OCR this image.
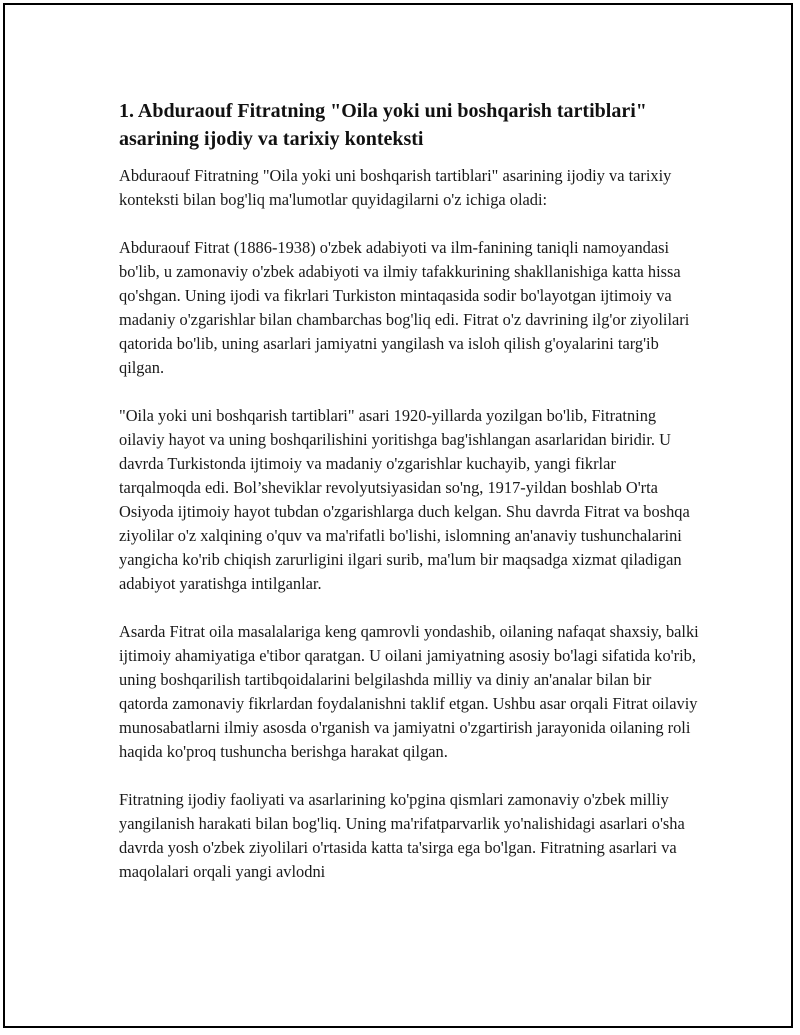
1. Abduraouf Fitratning "Oila yoki uni boshqarish tartiblari" asarining ijodiy va tarixiy konteksti

Abduraouf Fitratning "Oila yoki uni boshqarish tartiblari" asarining ijodiy va tarixiy konteksti bilan bog'liq ma'lumotlar quyidagilarni o'z ichiga oladi:

Abduraouf Fitrat (1886-1938) o'zbek adabiyoti va ilm-fanining taniqli namoyandasi bo'lib, u zamonaviy o'zbek adabiyoti va ilmiy tafakkurining shakllanishiga katta hissa qo'shgan. Uning ijodi va fikrlari Turkiston mintaqasida sodir bo'layotgan ijtimoiy va madaniy o'zgarishlar bilan chambarchas bog'liq edi. Fitrat o'z davrining ilg'or ziyolilari qatorida bo'lib, uning asarlari jamiyatni yangilash va isloh qilish g'oyalarini targ'ib qilgan.

"Oila yoki uni boshqarish tartiblari" asari 1920-yillarda yozilgan bo'lib, Fitratning oilaviy hayot va uning boshqarilishini yoritishga bag'ishlangan asarlaridan biridir. U davrda Turkistonda ijtimoiy va madaniy o'zgarishlar kuchayib, yangi fikrlar tarqalmoqda edi. Bol’sheviklar revolyutsiyasidan so'ng, 1917-yildan boshlab O'rta Osiyoda ijtimoiy hayot tubdan o'zgarishlarga duch kelgan. Shu davrda Fitrat va boshqa ziyolilar o'z xalqining o'quv va ma'rifatli bo'lishi, islomning an'anaviy tushunchalarini yangicha ko'rib chiqish zarurligini ilgari surib, ma'lum bir maqsadga xizmat qiladigan adabiyot yaratishga intilganlar.

Asarda Fitrat oila masalalariga keng qamrovli yondashib, oilaning nafaqat shaxsiy, balki ijtimoiy ahamiyatiga e'tibor qaratgan. U oilani jamiyatning asosiy bo'lagi sifatida ko'rib, uning boshqarilish tartibqoidalarini belgilashda milliy va diniy an'analar bilan bir qatorda zamonaviy fikrlardan foydalanishni taklif etgan. Ushbu asar orqali Fitrat oilaviy munosabatlarni ilmiy asosda o'rganish va jamiyatni o'zgartirish jarayonida oilaning roli haqida ko'proq tushuncha berishga harakat qilgan.

Fitratning ijodiy faoliyati va asarlarining ko'pgina qismlari zamonaviy o'zbek milliy yangilanish harakati bilan bog'liq. Uning ma'rifatparvarlik yo'nalishidagi asarlari o'sha davrda yosh o'zbek ziyolilari o'rtasida katta ta'sirga ega bo'lgan. Fitratning asarlari va maqolalari orqali yangi avlodni
